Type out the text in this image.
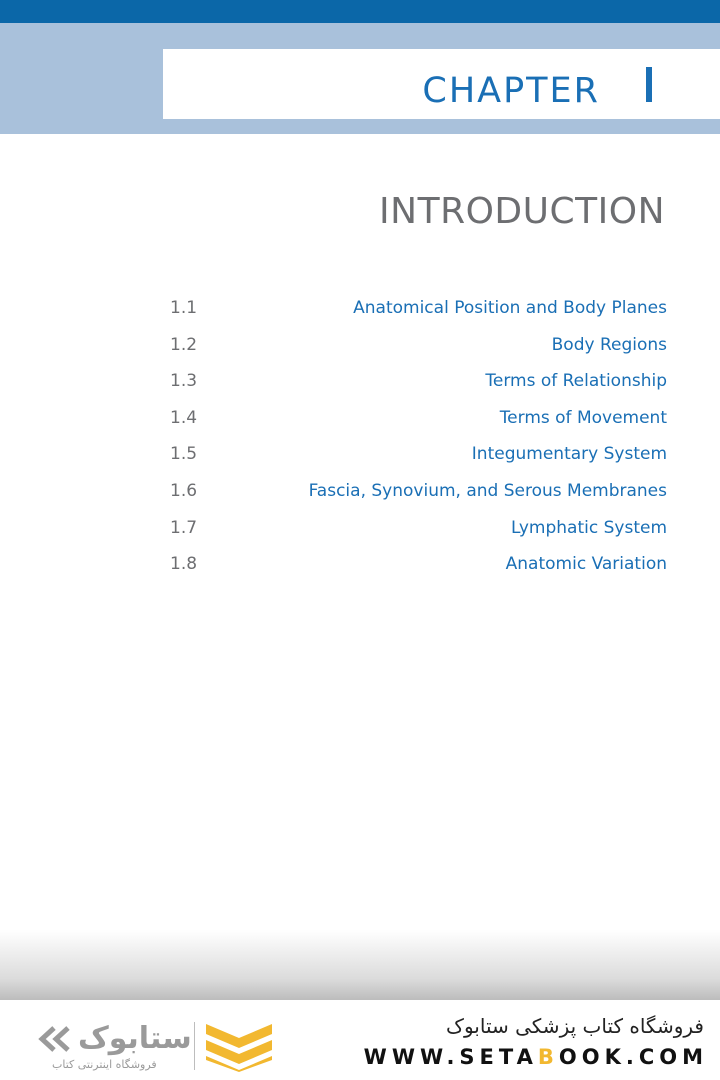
CHAPTER
INTRODUCTION
1.1	Anatomical Position and Body Planes
1.2	Body Regions
1.3	Terms of Relationship
1.4	Terms of Movement
1.5	Integumentary System
1.6	Fascia, Synovium, and Serous Membranes
1.7	Lymphatic System
1.8	Anatomic Variation
ستابوک
فروشگاه اینترنتی کتاب
فروشگاه کتاب پزشکی ستابوک
WWW.SETABOOK.COM
